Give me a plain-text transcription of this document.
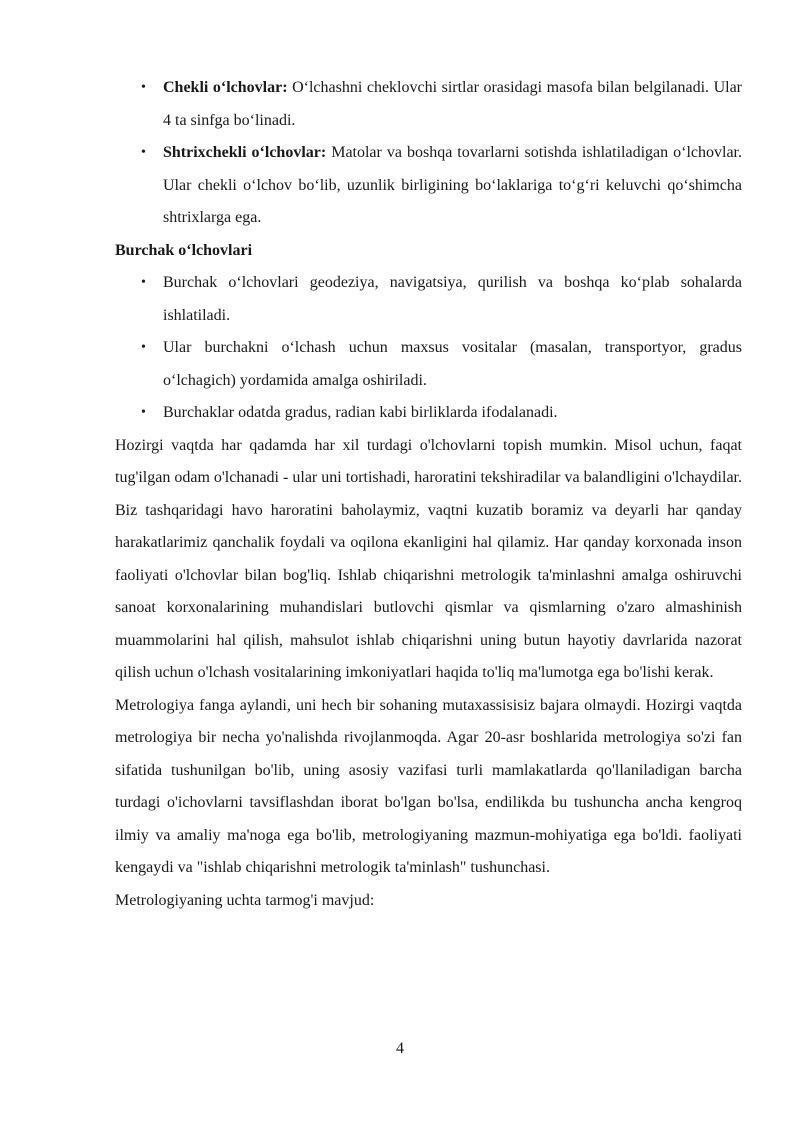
• Chekli oʻlchovlar: Oʻlchashni cheklovchi sirtlar orasidagi masofa bilan belgilanadi. Ular 4 ta sinfga boʻlinadi.
• Shtrixchekli oʻlchovlar: Matolar va boshqa tovarlarni sotishda ishlatiladigan oʻlchovlar. Ular chekli oʻlchov boʻlib, uzunlik birligining boʻlaklariga toʻgʻri keluvchi qoʻshimcha shtrixlarga ega.

Burchak oʻlchovlari

• Burchak oʻlchovlari geodeziya, navigatsiya, qurilish va boshqa koʻplab sohalarda ishlatiladi.
• Ular burchakni oʻlchash uchun maxsus vositalar (masalan, transportyor, gradus oʻlchagich) yordamida amalga oshiriladi.
• Burchaklar odatda gradus, radian kabi birliklarda ifodalanadi.

Hozirgi vaqtda har qadamda har xil turdagi o'lchovlarni topish mumkin. Misol uchun, faqat tug'ilgan odam o'lchanadi - ular uni tortishadi, haroratini tekshiradilar va balandligini o'lchaydilar. Biz tashqaridagi havo haroratini baholaymiz, vaqtni kuzatib boramiz va deyarli har qanday harakatlarimiz qanchalik foydali va oqilona ekanligini hal qilamiz. Har qanday korxonada inson faoliyati o'lchovlar bilan bog'liq. Ishlab chiqarishni metrologik ta'minlashni amalga oshiruvchi sanoat korxonalarining muhandislari butlovchi qismlar va qismlarning o'zaro almashinish muammolarini hal qilish, mahsulot ishlab chiqarishni uning butun hayotiy davrlarida nazorat qilish uchun o'lchash vositalarining imkoniyatlari haqida to'liq ma'lumotga ega bo'lishi kerak.

Metrologiya fanga aylandi, uni hech bir sohaning mutaxassisisiz bajara olmaydi. Hozirgi vaqtda metrologiya bir necha yo'nalishda rivojlanmoqda. Agar 20-asr boshlarida metrologiya so'zi fan sifatida tushunilgan bo'lib, uning asosiy vazifasi turli mamlakatlarda qo'llaniladigan barcha turdagi o'ichovlarni tavsiflashdan iborat bo'lgan bo'lsa, endilikda bu tushuncha ancha kengroq ilmiy va amaliy ma'noga ega bo'lib, metrologiyaning mazmun-mohiyatiga ega bo'ldi. faoliyati kengaydi va "ishlab chiqarishni metrologik ta'minlash" tushunchasi.

Metrologiyaning uchta tarmog'i mavjud:

4
